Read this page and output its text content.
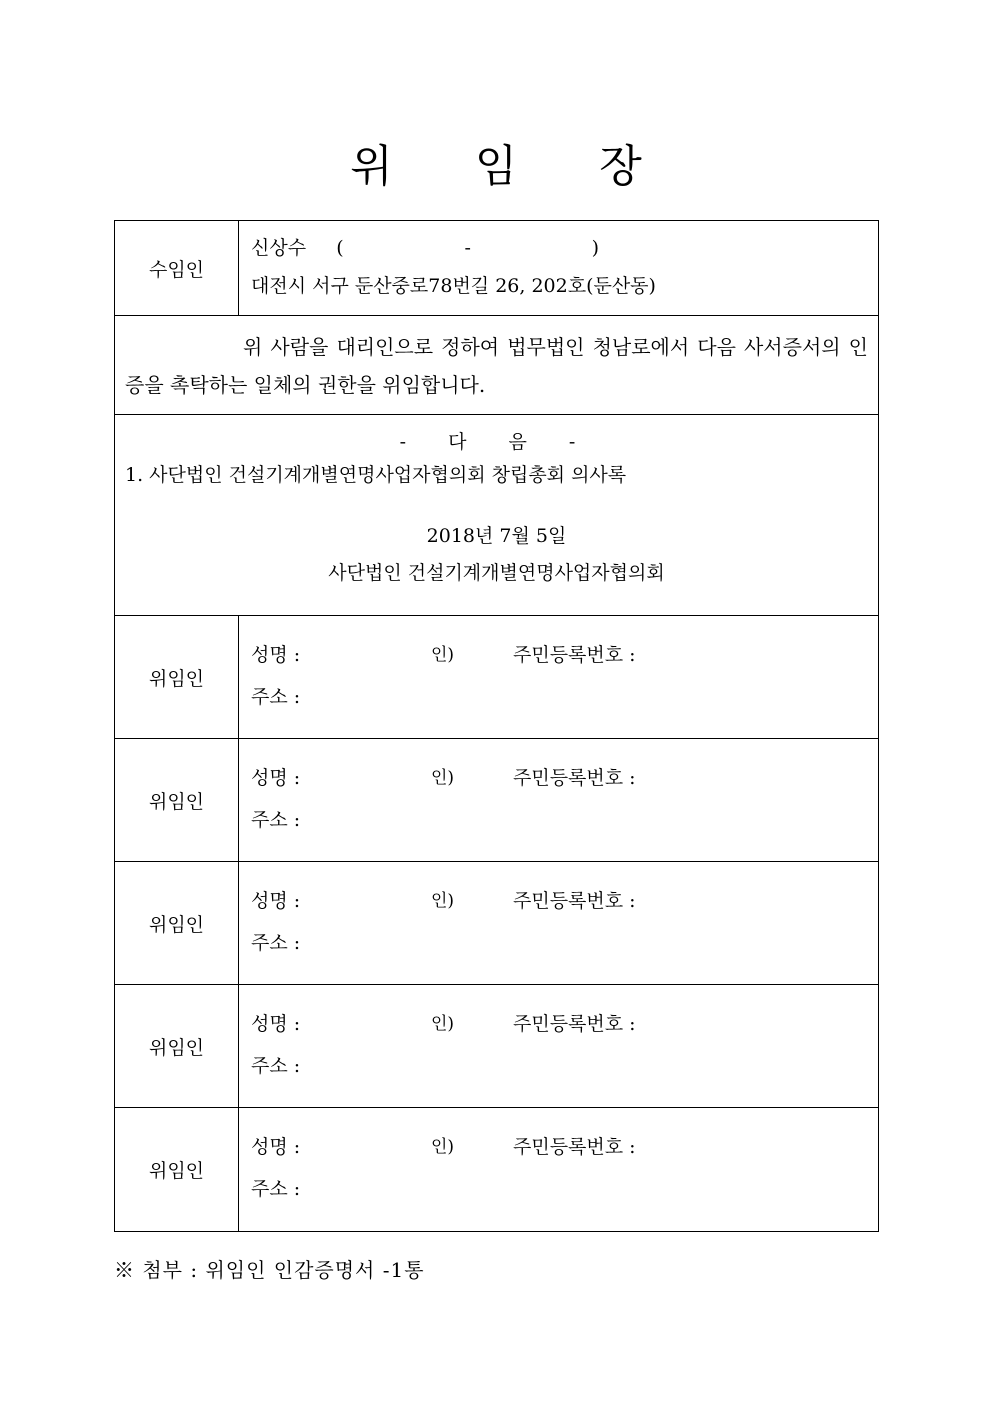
위 임 장
수임인
신상수     (                    -                    )
대전시 서구 둔산중로78번길 26, 202호(둔산동)
위 사람을 대리인으로 정하여 법무법인 청남로에서 다음 사서증서의 인증을 촉탁하는 일체의 권한을 위임합니다.
- 다 음 -
1. 사단법인 건설기계개별연명사업자협의회 창립총회 의사록
2018년 7월 5일
사단법인 건설기계개별연명사업자협의회
위임인
성명 :	인)	주민등록번호 :
주소 :
위임인
성명 :	인)	주민등록번호 :
주소 :
위임인
성명 :	인)	주민등록번호 :
주소 :
위임인
성명 :	인)	주민등록번호 :
주소 :
위임인
성명 :	인)	주민등록번호 :
주소 :
※ 첨부 : 위임인 인감증명서 -1통
